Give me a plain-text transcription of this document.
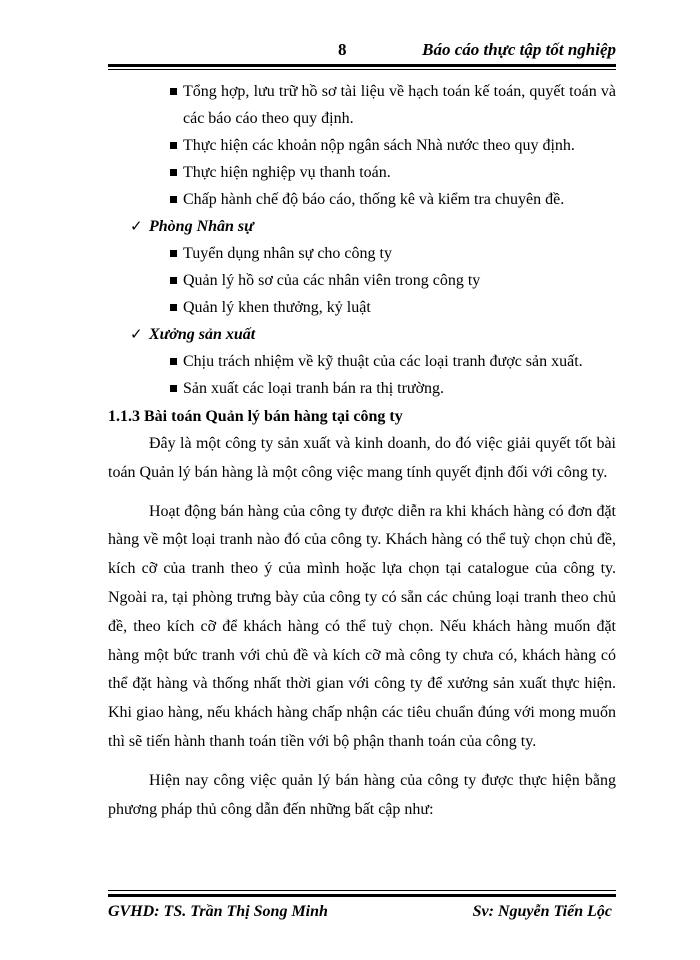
8	Báo cáo thực tập tốt nghiệp
Tổng hợp, lưu trữ hồ sơ tài liệu về hạch toán kế toán, quyết toán và các báo cáo theo quy định.
Thực hiện các khoản nộp ngân sách Nhà nước theo quy định.
Thực hiện nghiệp vụ thanh toán.
Chấp hành chế độ báo cáo, thống kê và kiểm tra chuyên đề.
✓ Phòng Nhân sự
Tuyển dụng nhân sự cho công ty
Quản lý hồ sơ của các nhân viên trong công ty
Quản lý khen thưởng, kỷ luật
✓ Xưởng sản xuất
Chịu trách nhiệm về kỹ thuật của các loại tranh được sản xuất.
Sản xuất các loại tranh bán ra thị trường.
1.1.3 Bài toán Quản lý bán hàng tại công ty

Đây là một công ty sản xuất và kinh doanh, do đó việc giải quyết tốt bài toán Quản lý bán hàng là một công việc mang tính quyết định đối với công ty.

Hoạt động bán hàng của công ty được diễn ra khi khách hàng có đơn đặt hàng về một loại tranh nào đó của công ty. Khách hàng có thể tuỳ chọn chủ đề, kích cỡ của tranh theo ý của mình hoặc lựa chọn tại catalogue của công ty. Ngoài ra, tại phòng trưng bày của công ty có sẵn các chủng loại tranh theo chủ đề, theo kích cỡ để khách hàng có thể tuỳ chọn. Nếu khách hàng muốn đặt hàng một bức tranh với chủ đề và kích cỡ mà công ty chưa có, khách hàng có thể đặt hàng và thống nhất thời gian với công ty để xưởng sản xuất thực hiện. Khi giao hàng, nếu khách hàng chấp nhận các tiêu chuẩn đúng với mong muốn thì sẽ tiến hành thanh toán tiền với bộ phận thanh toán của công ty.

Hiện nay công việc quản lý bán hàng của công ty được thực hiện bằng phương pháp thủ công dẫn đến những bất cập như:

GVHD: TS. Trần Thị Song Minh	Sv: Nguyễn Tiến Lộc
